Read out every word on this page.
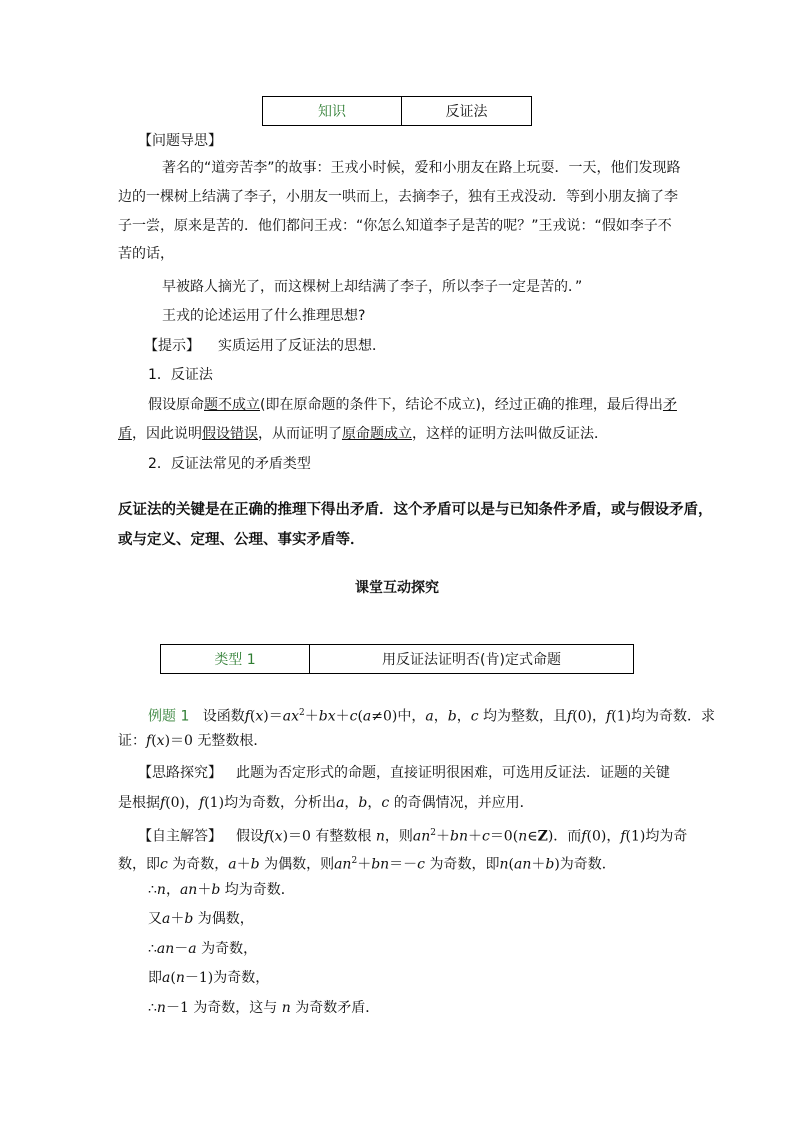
知识	反证法
【问题导思】
著名的“道旁苦李”的故事：王戎小时候，爱和小朋友在路上玩耍．一天，他们发现路
边的一棵树上结满了李子，小朋友一哄而上，去摘李子，独有王戎没动．等到小朋友摘了李
子一尝，原来是苦的．他们都问王戎：“你怎么知道李子是苦的呢？”王戎说：“假如李子不
苦的话，
早被路人摘光了，而这棵树上却结满了李子，所以李子一定是苦的．”
王戎的论述运用了什么推理思想?
【提示】 实质运用了反证法的思想．
1．反证法
假设原命题不成立(即在原命题的条件下，结论不成立)，经过正确的推理，最后得出矛
盾，因此说明假设错误，从而证明了原命题成立，这样的证明方法叫做反证法．
2．反证法常见的矛盾类型
反证法的关键是在正确的推理下得出矛盾．这个矛盾可以是与已知条件矛盾，或与假设矛盾，
或与定义、定理、公理、事实矛盾等．
课堂互动探究
类型 1	用反证法证明否(肯)定式命题
例题 1 设函数$f(x)=ax^2+bx+c(a\ne 0)$中，a，b，c 均为整数，且f(0)，f(1)均为奇数．求
证：f(x)＝0 无整数根．
【思路探究】 此题为否定形式的命题，直接证明很困难，可选用反证法．证题的关键
是根据f(0)，f(1)均为奇数，分析出a，b，c 的奇偶情况，并应用．
【自主解答】 假设f(x)＝0 有整数根 n，则$an^2+bn+c=0(n\in Z)$．而f(0)，f(1)均为奇
数，即c 为奇数，a＋b 为偶数，则$an^2+bn=-c$ 为奇数，即n(an＋b)为奇数．
∴n，an＋b 均为奇数．
又a＋b 为偶数，
∴an－a 为奇数，
即a(n－1)为奇数，
∴n－1 为奇数，这与 n 为奇数矛盾．
